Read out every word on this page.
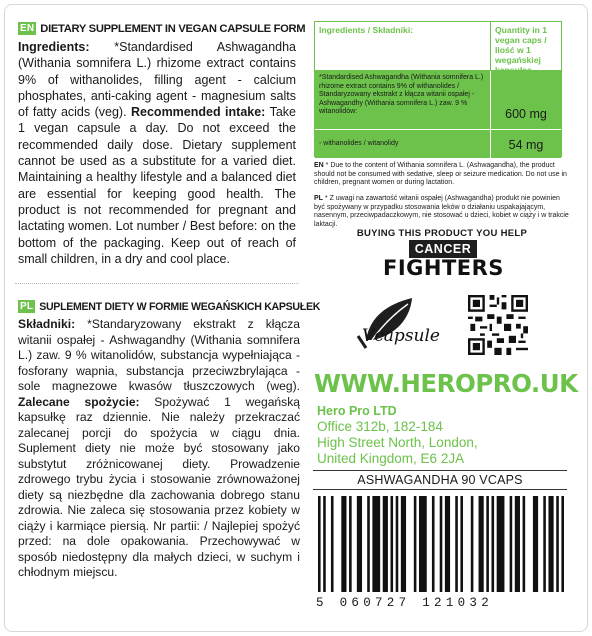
EN DIETARY SUPPLEMENT IN VEGAN CAPSULE FORM

Ingredients: *Standardised Ashwagandha (Withania somnifera L.) rhizome extract contains 9% of withanolides, filling agent - calcium phosphates, anti-caking agent - magnesium salts of fatty acids (veg). Recommended intake: Take 1 vegan capsule a day. Do not exceed the recommended daily dose. Dietary supplement cannot be used as a substitute for a varied diet. Maintaining a healthy lifestyle and a balanced diet are essential for keeping good health. The product is not recommended for pregnant and lactating women. Lot number / Best before: on the bottom of the packaging. Keep out of reach of small children, in a dry and cool place.

PL SUPLEMENT DIETY W FORMIE WEGAŃSKICH KAPSUŁEK

Składniki: *Standaryzowany ekstrakt z kłącza witanii ospałej - Ashwagandhy (Withania somnifera L.) zaw. 9 % witanolidów, substancja wypełniająca - fosforany wapnia, substancja przeciwzbrylająca - sole magnezowe kwasów tłuszczowych (weg). Zalecane spożycie: Spożywać 1 wegańską kapsułkę raz dziennie. Nie należy przekraczać zalecanej porcji do spożycia w ciągu dnia. Suplement diety nie może być stosowany jako substytut zróżnicowanej diety. Prowadzenie zdrowego trybu życia i stosowanie zrównoważonej diety są niezbędne dla zachowania dobrego stanu zdrowia. Nie zaleca się stosowania przez kobiety w ciąży i karmiące piersią. Nr partii: / Najlepiej spożyć przed: na dole opakowania. Przechowywać w sposób niedostępny dla małych dzieci, w suchym i chłodnym miejscu.

Ingredients / Składniki:	Quantity in 1 vegan caps / Ilość w 1 wegańskiej kapsułce
*Standardised Ashwagandha (Withania somnifera L.) rhizome extract contains 9% of withanolides / Standaryzowany ekstrakt z kłącza witanii ospałej - Ashwagandhy (Withania somnifera L.) zaw. 9 % witanolidów:	600 mg
- withanolides / witanolidy	54 mg
EN * Due to the content of Withania somnifera L. (Ashwagandha), the product should not be consumed with sedative, sleep or seizure medication. Do not use in children, pregnant women or during lactation.
PL * Z uwagi na zawartość witanii ospałej (Ashwagandha) produkt nie powinien być spożywany w przypadku stosowania leków o działaniu uspakajającym, nasennym, przeciwpadaczkowym, nie stosować u dzieci, kobiet w ciąży i w trakcie laktacji.
BUYING THIS PRODUCT YOU HELP
CANCER
FIGHTERS
Vcapsule
WWW.HEROPRO.UK
Hero Pro LTD
Office 312b, 182-184
High Street North, London,
United Kingdom, E6 2JA
ASHWAGANDHA 90 VCAPS
5 060727 121032
